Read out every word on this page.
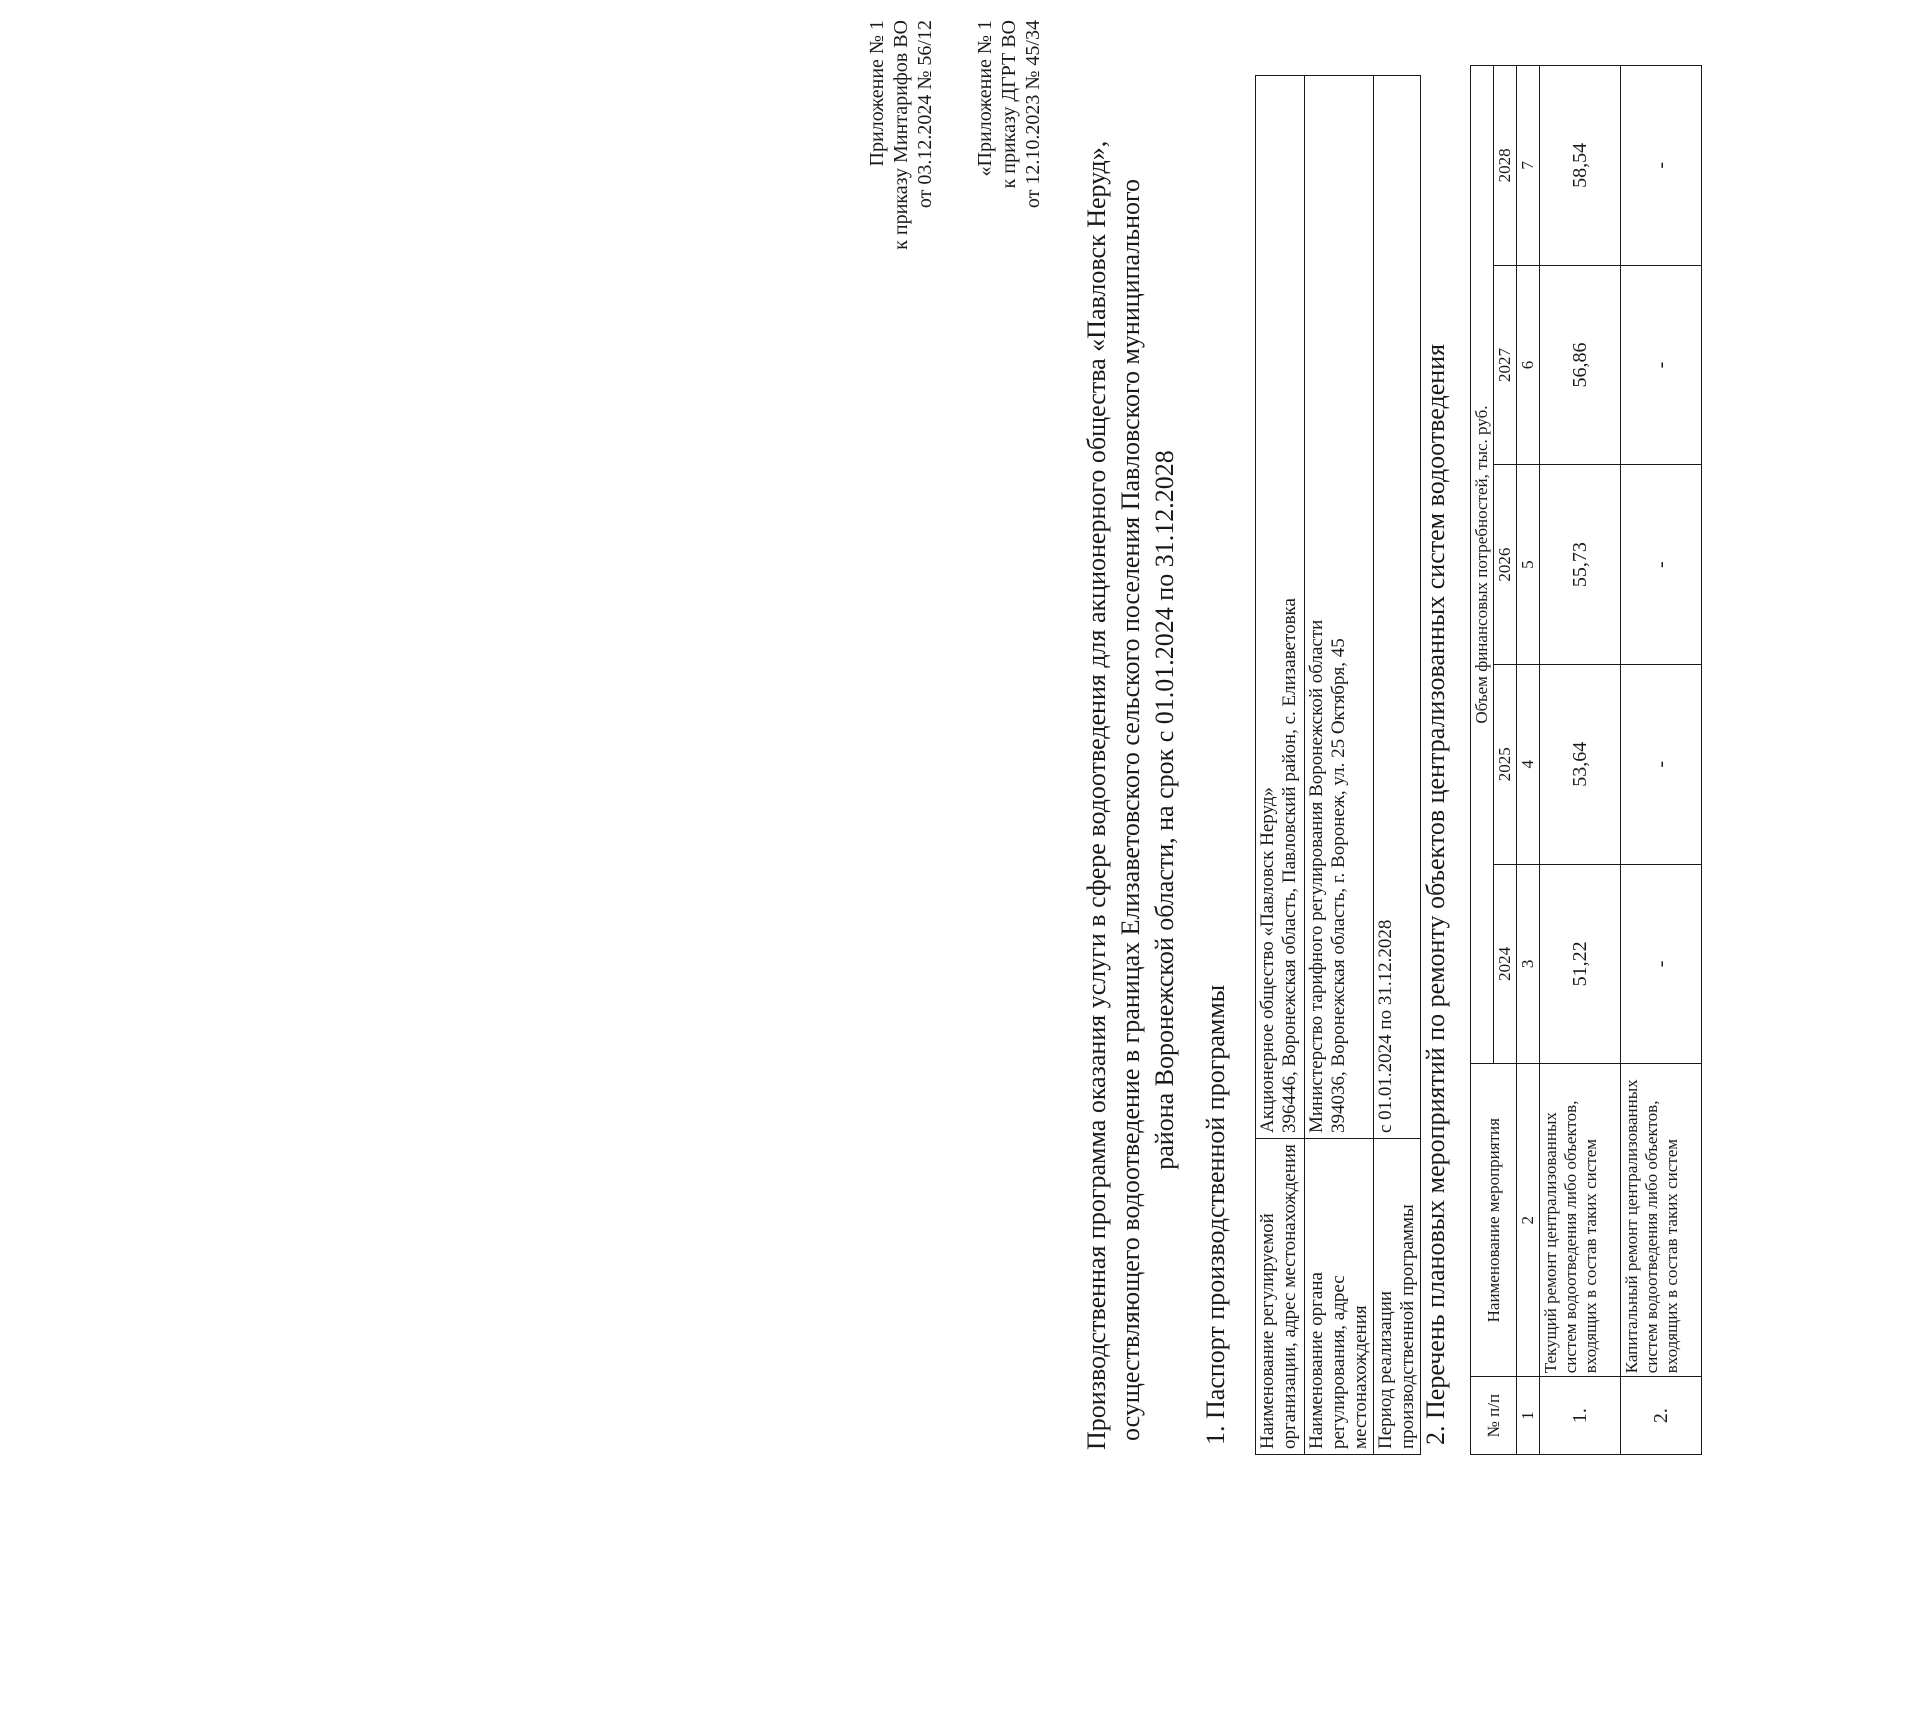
Приложение № 1 к приказу Минтарифов ВО от 03.12.2024 № 56/12 «Приложение № 1 к приказу ДГРТ ВО от 12.10.2023 № 45/34
Производственная программа оказания услуги в сфере водоотведения для акционерного общества «Павловск Неруд», осуществляющего водоотведение в границах Елизаветовского сельского поселения Павловского муниципального района Воронежской области, на срок с 01.01.2024 по 31.12.2028
1. Паспорт производственной программы Наименование регулируемой организации, адрес местонахождения	Акционерное общество «Павловск Неруд» 396446, Воронежская область, Павловский район, с. Елизаветовка

Наименование органа регулирования, адрес местонахождения	Министерство тарифного регулирования Воронежской области 394036, Воронежская область, г. Воронеж, ул. 25 Октября, 45

Период реализации производственной программы	с 01.01.2024 по 31.12.2028 2. Перечень плановых мероприятий по ремонту объектов централизованных систем водоотведения № п/п	Наименование мероприятия	Объем финансовых потребностей, тыс. руб.				
		2024	2025	2026	2027	2028
1	2	3	4	5	6	7
1.	Текущий ремонт централизованных систем водоотведения либо объектов, входящих в состав таких систем	51,22	53,64	55,73	56,86	58,54
2.	Капитальный ремонт централизованных систем водоотведения либо объектов, входящих в состав таких систем	-	-	-	-	-
